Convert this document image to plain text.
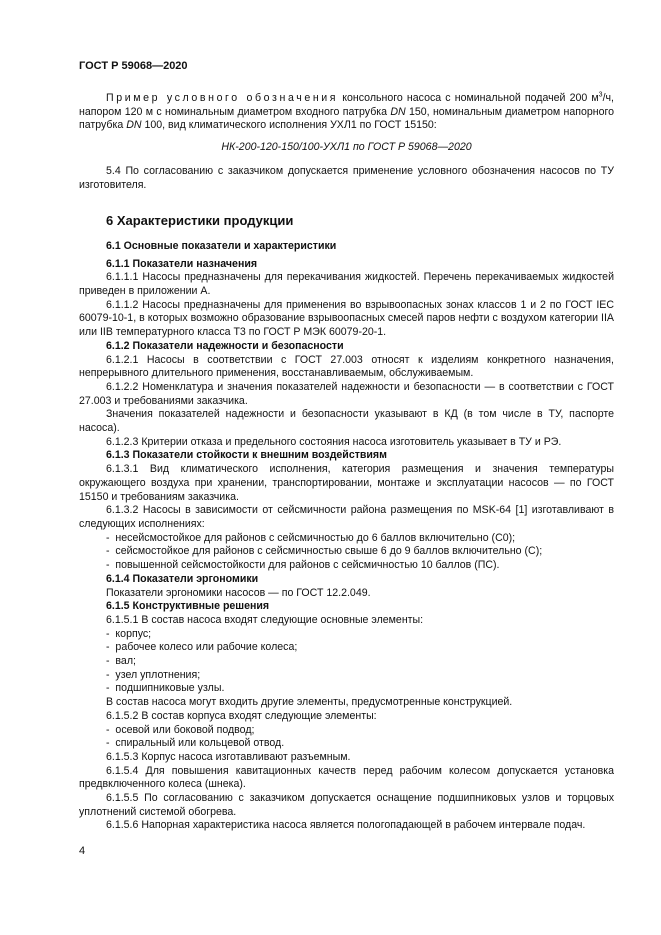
ГОСТ Р 59068—2020

Пример условного обозначения консольного насоса с номинальной подачей 200 $м^3/ч$, напором 120 м с номинальным диаметром входного патрубка DN 150, номинальным диаметром напорного патрубка DN 100, вид климатического исполнения УХЛ1 по ГОСТ 15150:

НК-200-120-150/100-УХЛ1 по ГОСТ Р 59068—2020

5.4 По согласованию с заказчиком допускается применение условного обозначения насосов по ТУ изготовителя.

6 Характеристики продукции

6.1 Основные показатели и характеристики

6.1.1 Показатели назначения

6.1.1.1 Насосы предназначены для перекачивания жидкостей. Перечень перекачиваемых жидкостей приведен в приложении А.

6.1.1.2 Насосы предназначены для применения во взрывоопасных зонах классов 1 и 2 по ГОСТ IEC 60079-10-1, в которых возможно образование взрывоопасных смесей паров нефти с воздухом категории IIA или IIB температурного класса Т3 по ГОСТ Р МЭК 60079-20-1.

6.1.2 Показатели надежности и безопасности

6.1.2.1 Насосы в соответствии с ГОСТ 27.003 относят к изделиям конкретного назначения, непрерывного длительного применения, восстанавливаемым, обслуживаемым.

6.1.2.2 Номенклатура и значения показателей надежности и безопасности — в соответствии с ГОСТ 27.003 и требованиями заказчика.

Значения показателей надежности и безопасности указывают в КД (в том числе в ТУ, паспорте насоса).

6.1.2.3 Критерии отказа и предельного состояния насоса изготовитель указывает в ТУ и РЭ.

6.1.3 Показатели стойкости к внешним воздействиям

6.1.3.1 Вид климатического исполнения, категория размещения и значения температуры окружающего воздуха при хранении, транспортировании, монтаже и эксплуатации насосов — по ГОСТ 15150 и требованиям заказчика.

6.1.3.2 Насосы в зависимости от сейсмичности района размещения по MSK-64 [1] изготавливают в следующих исполнениях:

-  несейсмостойкое для районов с сейсмичностью до 6 баллов включительно (С0);
-  сейсмостойкое для районов с сейсмичностью свыше 6 до 9 баллов включительно (С);
-  повышенной сейсмостойкости для районов с сейсмичностью 10 баллов (ПС).

6.1.4 Показатели эргономики

Показатели эргономики насосов — по ГОСТ 12.2.049.

6.1.5 Конструктивные решения

6.1.5.1 В состав насоса входят следующие основные элементы:

-  корпус;
-  рабочее колесо или рабочие колеса;
-  вал;
-  узел уплотнения;
-  подшипниковые узлы.

В состав насоса могут входить другие элементы, предусмотренные конструкцией.

6.1.5.2 В состав корпуса входят следующие элементы:

-  осевой или боковой подвод;
-  спиральный или кольцевой отвод.

6.1.5.3 Корпус насоса изготавливают разъемным.

6.1.5.4 Для повышения кавитационных качеств перед рабочим колесом допускается установка предвключенного колеса (шнека).

6.1.5.5 По согласованию с заказчиком допускается оснащение подшипниковых узлов и торцовых уплотнений системой обогрева.

6.1.5.6 Напорная характеристика насоса является пологопадающей в рабочем интервале подач.

4
